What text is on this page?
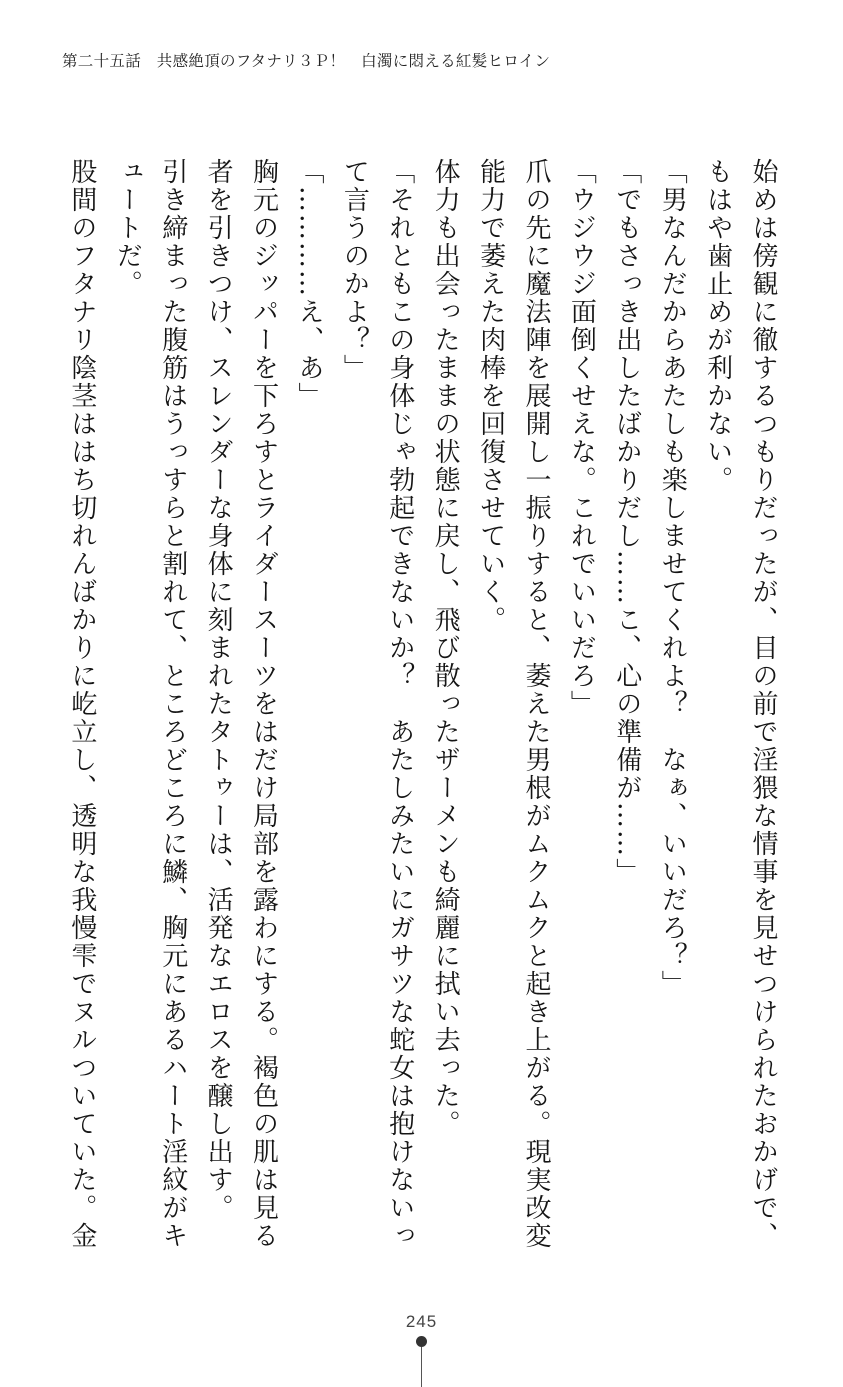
第二十五話　共感絶頂のフタナリ３Ｐ！　白濁に悶える紅髪ヒロイン

始めは傍観に徹するつもりだったが、目の前で淫猥な情事を見せつけられたおかげで、もはや歯止めが利かない。

「男なんだからあたしも楽しませてくれよ？　なぁ、いいだろ？」

「でもさっき出したばかりだし……こ、心の準備が……」

「ウジウジ面倒くせえな。これでいいだろ」

爪の先に魔法陣を展開し一振りすると、萎えた男根がムクムクと起き上がる。現実改変能力で萎えた肉棒を回復させていく。

体力も出会ったままの状態に戻し、飛び散ったザーメンも綺麗に拭い去った。

「それともこの身体じゃ勃起できないか？　あたしみたいにガサツな蛇女は抱けないって言うのかよ？」

「…………え、あ」

胸元のジッパーを下ろすとライダースーツをはだけ局部を露わにする。褐色の肌は見る者を引きつけ、スレンダーな身体に刻まれたタトゥーは、活発なエロスを醸し出す。

引き締まった腹筋はうっすらと割れて、ところどころに鱗、胸元にあるハート淫紋がキュートだ。

股間のフタナリ陰茎ははち切れんばかりに屹立し、透明な我慢雫でヌルついていた。金

245
